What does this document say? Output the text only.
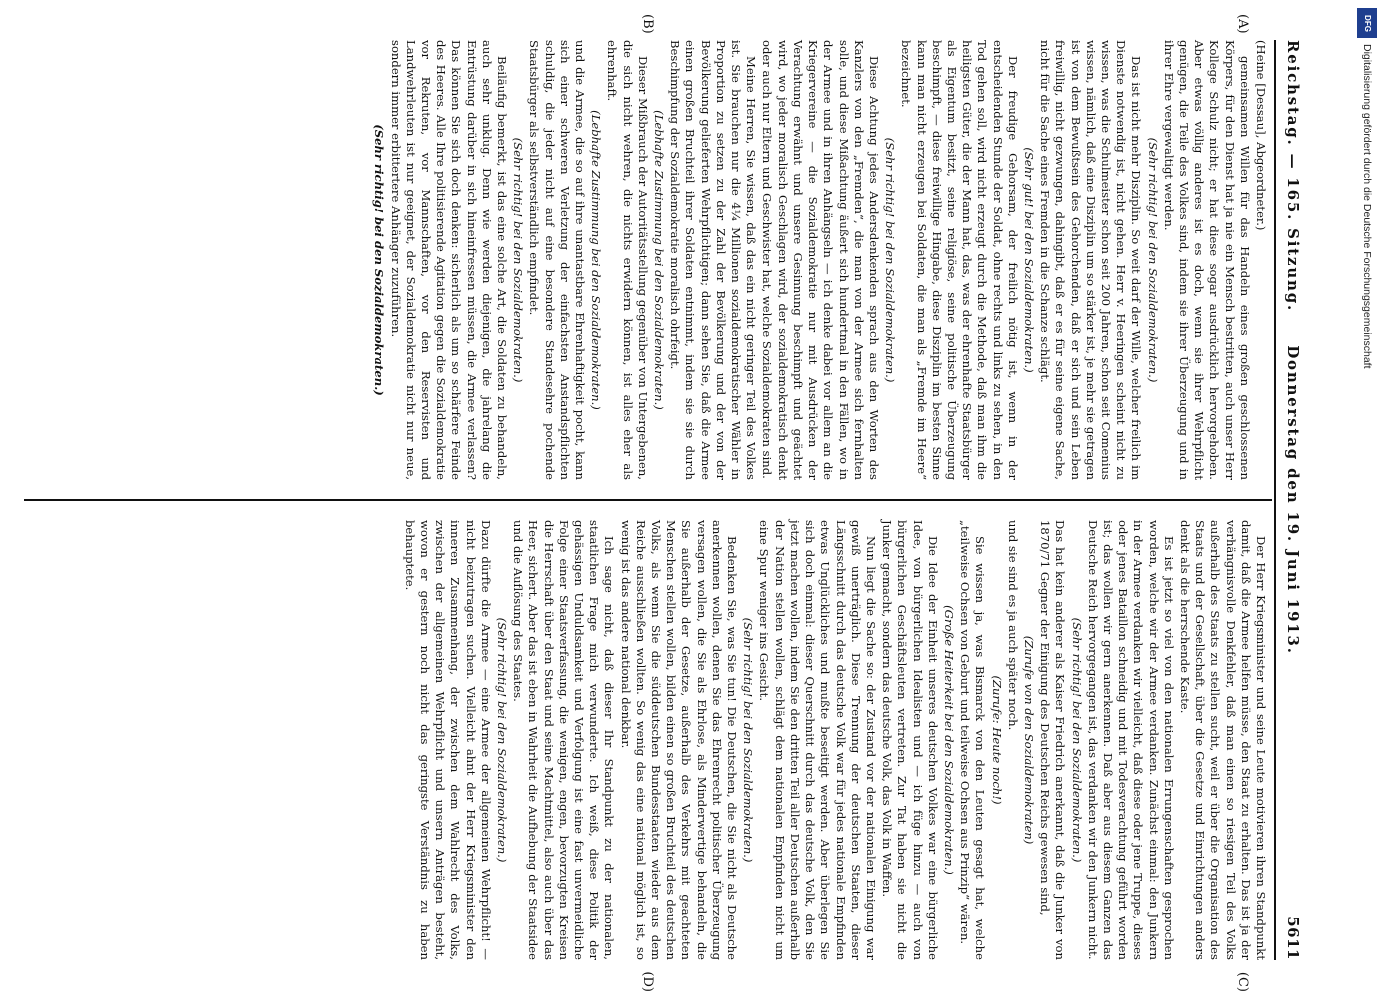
Reichstag. — 165. Sitzung.
Donnerstag den 19. Juni 1913.
5611
(A)
(B)
(C)
(D)

(Heine [Dessau], Abgeordneter.)

gemeinsamen Willen für das Handeln eines großen geschlossenen Körpers, für den Dienst hat ja nie ein Mensch bestritten, auch unser Herr Kollege Schulz nicht; er hat diese sogar ausdrücklich hervorgehoben. Aber etwas völlig anderes ist es doch, wenn sie ihrer Wehrpflicht genügen, die Teile des Volkes sind, indem sie ihrer Überzeugung und in ihrer Ehre vergewaltigt werden.

(Sehr richtig! bei den Sozialdemokraten.)

Das ist nicht mehr Disziplin. So weit darf der Wille, welcher freilich im Dienste notwendig ist, nicht gehen. Herr v. Heeringen scheint nicht zu wissen, was die Schulmeister schon seit 200 Jahren, schon seit Comenius wissen, nämlich, daß eine Disziplin um so stärker ist, je mehr sie getragen ist von dem Bewußtsein des Gehorchenden, daß er sich und sein Leben freiwillig, nicht gezwungen, dahingibt, daß er es für seine eigene Sache, nicht für die Sache eines Fremden in die Schanze schlägt.

(Sehr gut! bei den Sozialdemokraten.)

Der freudige Gehorsam, der freilich nötig ist, wenn in der entscheidenden Stunde der Soldat, ohne rechts und links zu sehen, in den Tod gehen soll, wird nicht erzeugt durch die Methode, daß man ihm die heiligsten Güter, die der Mann hat, das, was der ehrenhafte Staatsbürger als Eigentum besitzt, seine religiöse, seine politische Überzeugung beschimpft, — diese freiwillige Hingabe, diese Disziplin im besten Sinne kann man nicht erzeugen bei Soldaten, die man als „Fremde im Heere“ bezeichnet.

(Sehr richtig! bei den Sozialdemokraten.)

Diese Achtung jedes Andersdenkenden sprach aus den Worten des Kanzlers von den „Fremden“, die man von der Armee sich fernhalten solle, und diese Mißachtung äußert sich hundertmal in den Fällen, wo in der Armee und in ihren Anhängseln — ich denke dabei vor allem an die Kriegervereine — die Sozialdemokratie nur mit Ausdrücken der Verachtung erwähnt und unsere Gesinnung beschimpft und geächtet wird, wo jeder moralisch Geschlagen wird, der sozialdemokratisch denkt oder auch nur Eltern und Geschwister hat, welche Sozialdemokraten sind.

Meine Herren, Sie wissen, daß das ein nicht geringer Teil des Volkes ist. Sie brauchen nur die 4¼ Millionen sozialdemokratischer Wähler in Proportion zu setzen zu der Zahl der Bevölkerung und der von der Bevölkerung gelieferten Wehrpflichtigen; dann sehen Sie, daß die Armee einen großen Bruchteil ihrer Soldaten entnimmt, indem sie sie durch Beschimpfung der Sozialdemokratie moralisch ohrfeigt.

(Lebhafte Zustimmung bei den Sozialdemokraten.)

Dieser Mißbrauch der Autoritätsstellung gegenüber von Untergebenen, die sich nicht wehren, die nichts erwidern können, ist alles eher als ehrenhaft.

(Lebhafte Zustimmung bei den Sozialdemokraten.)

und die Armee, die so auf ihre unantastbare Ehrenhaftigkeit pocht, kann sich einer schweren Verletzung der einfachsten Anstandspflichten schuldig, die jeder nicht auf eine besondere Standesehre pochende Staatsbürger als selbstverständlich empfindet.

(Sehr richtig! bei den Sozialdemokraten.)

Beiläufig bemerkt, ist das eine solche Art, die Soldaten zu behandeln, auch sehr unklug. Denn wie werden diejenigen, die jahrelang die Entrüstung darüber in sich hineinfressen müssen, die Armee verlassen? Das können Sie sich doch denken: sicherlich als um so schärfere Feinde des Heeres. Alle Ihre politisierende Agitation gegen die Sozialdemokratie vor Rekruten, vor Mannschaften, vor den Reservisten und Landwehrleuten ist nur geeignet, der Sozialdemokratie nicht nur neue, sondern immer erbittertere Anhänger zuzuführen.

(Sehr richtig! bei den Sozialdemokraten.)

Der Herr Kriegsminister und seine Leute motivieren ihren Standpunkt damit, daß die Armee helfen müsse, den Staat zu erhalten. Das ist ja der verhängnisvolle Denkfehler, daß man einen so riesigen Teil des Volks außerhalb des Staats zu stellen sucht, weil er über die Organisation des Staats und der Gesellschaft, über die Gesetze und Einrichtungen anders denkt als die herrschende Kaste.

Es ist jetzt so viel von den nationalen Errungenschaften gesprochen worden, welche wir der Armee verdanken. Zunächst einmal: den Junkern in der Armee verdanken wir vielleicht, daß diese oder jene Truppe, dieses oder jenes Bataillon schneidig und mit Todesverachtung geführt worden ist; das wollen wir gern anerkennen. Daß aber aus diesem Ganzen das Deutsche Reich hervorgegangen ist, das verdanken wir den Junkern nicht.

(Sehr richtig! bei den Sozialdemokraten.)

Das hat kein anderer als Kaiser Friedrich anerkannt, daß die Junker von 1870/71 Gegner der Einigung des Deutschen Reichs gewesen sind,

(Zurufe von den Sozialdemokraten)

und sie sind es ja auch später noch.

(Zurufe: Heute noch!)

Sie wissen ja, was Bismarck von den Leuten gesagt hat, welche „teilweise Ochsen von Geburt und teilweise Ochsen aus Prinzip“ wären.

(Große Heiterkeit bei den Sozialdemokraten.)

Die Idee der Einheit unseres deutschen Volkes war eine bürgerliche Idee, von bürgerlichen Idealisten und — ich füge hinzu — auch von bürgerlichen Geschäftsleuten vertreten. Zur Tat haben sie nicht die Junker gemacht, sondern das deutsche Volk, das Volk in Waffen.

Nun liegt die Sache so: der Zustand vor der nationalen Einigung war gewiß unerträglich. Diese Trennung der deutschen Staaten, dieser Längsschnitt durch das deutsche Volk war für jedes nationale Empfinden etwas Unglückliches und mußte beseitigt werden. Aber überlegen Sie sich doch einmal: dieser Querschnitt durch das deutsche Volk, den Sie jetzt machen wollen, indem Sie den dritten Teil aller Deutschen außerhalb der Nation stellen wollen, schlägt dem nationalen Empfinden nicht um eine Spur weniger ins Gesicht.

(Sehr richtig! bei den Sozialdemokraten.)

Bedenken Sie, was Sie tun! Die Deutschen, die Sie nicht als Deutsche anerkennen wollen, denen Sie das Ehrenrecht politischer Überzeugung versagen wollen, die Sie als Ehrlose, als Minderwertige behandeln, die Sie außerhalb der Gesetze, außerhalb des Verkehrs mit geachteten Menschen stellen wollen, bilden einen so großen Bruchteil des deutschen Volks, als wenn Sie die süddeutschen Bundesstaaten wieder aus dem Reiche ausschließen wollten. So wenig das eine national möglich ist, so wenig ist das andere national denkbar.

Ich sage nicht, daß dieser Ihr Standpunkt zu der nationalen, staatlichen Frage mich verwunderte. Ich weiß, diese Politik der gehässigen Unduldsamkeit und Verfolgung ist eine fast unvermeidliche Folge einer Staatsverfassung, die wenigen, engen, bevorzugten Kreisen die Herrschaft über den Staat und seine Machtmittel, also auch über das Heer, sichert. Aber das ist eben in Wahrheit die Aufhebung der Staatsidee und die Auflösung des Staates.

(Sehr richtig! bei den Sozialdemokraten.)

Dazu dürfte die Armee — eine Armee der allgemeinen Wehrpflicht! — nicht beizutragen suchen. Vielleicht ahnt der Herr Kriegsminister den inneren Zusammenhang, der zwischen dem Wahlrecht des Volks, zwischen der allgemeinen Wehrpflicht und unsern Anträgen besteht, wovon er gestern noch nicht das geringste Verständnis zu haben behauptete.

DFG
Digitalisierung gefördert durch die Deutsche Forschungsgemeinschaft
